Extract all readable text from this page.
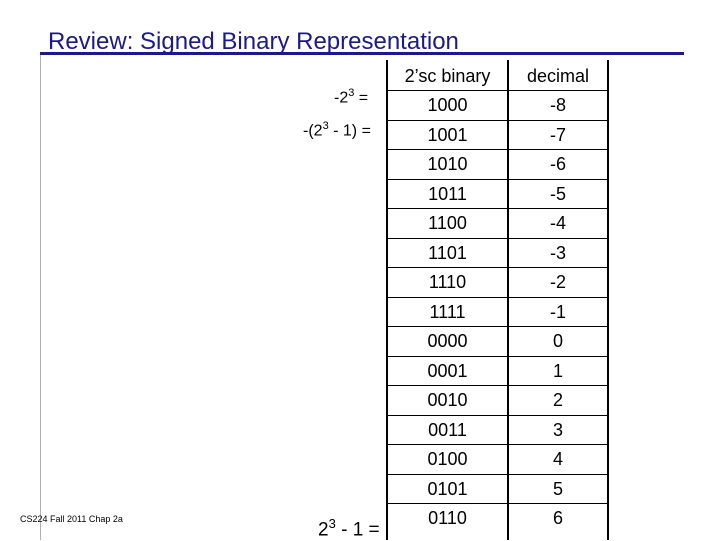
Review: Signed Binary Representation
$-2^3$ =
$-(2^3 - 1)$ =
$2^3 - 1$ =
CS224 Fall 2011 Chap 2a
2’sc binary	decimal
1000	-8
1001	-7
1010	-6
1011	-5
1100	-4
1101	-3
1110	-2
1111	-1
0000	0
0001	1
0010	2
0011	3
0100	4
0101	5
0110	6
